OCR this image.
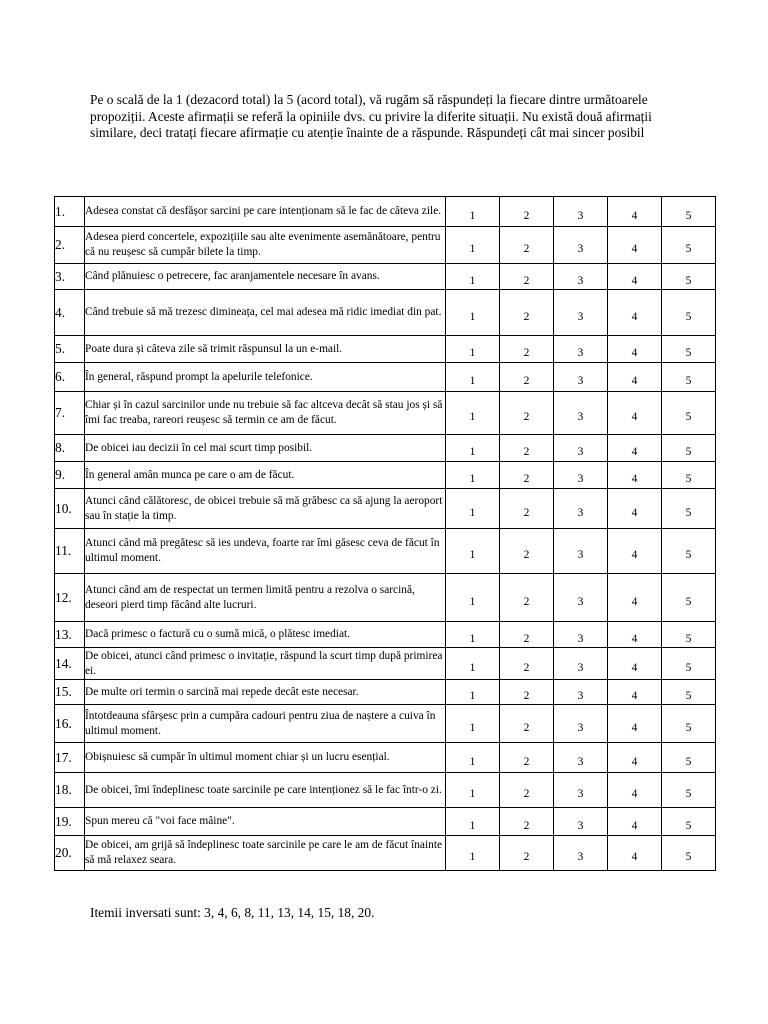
Pe o scală de la 1 (dezacord total) la 5 (acord total), vă rugăm să răspundeți la fiecare dintre următoarele propoziții. Aceste afirmații se referă la opiniile dvs. cu privire la diferite situații. Nu există două afirmații similare, deci tratați fiecare afirmație cu atenție înainte de a răspunde. Răspundeți cât mai sincer posibil

1.	Adesea constat că desfășor sarcini pe care intenționam să le fac de câteva zile.	1	2	3	4	5
2.	Adesea pierd concertele, expozițiile sau alte evenimente asemănătoare, pentru că nu reușesc să cumpăr bilete la timp.	1	2	3	4	5
3.	Când plănuiesc o petrecere, fac aranjamentele necesare în avans.	1	2	3	4	5
4.	Când trebuie să mă trezesc dimineața, cel mai adesea mă ridic imediat din pat.	1	2	3	4	5
5.	Poate dura și câteva zile să trimit răspunsul la un e-mail.	1	2	3	4	5
6.	În general, răspund prompt la apelurile telefonice.	1	2	3	4	5
7.	Chiar și în cazul sarcinilor unde nu trebuie să fac altceva decât să stau jos și să îmi fac treaba, rareori reușesc să termin ce am de făcut.	1	2	3	4	5
8.	De obicei iau decizii în cel mai scurt timp posibil.	1	2	3	4	5
9.	În general amân munca pe care o am de făcut.	1	2	3	4	5
10.	Atunci când călătoresc, de obicei trebuie să mă grăbesc ca să ajung la aeroport sau în stație la timp.	1	2	3	4	5
11.	Atunci când mă pregătesc să ies undeva, foarte rar îmi găsesc ceva de făcut în ultimul moment.	1	2	3	4	5
12.	Atunci când am de respectat un termen limită pentru a rezolva o sarcină, deseori pierd timp făcând alte lucruri.	1	2	3	4	5
13.	Dacă primesc o factură cu o sumă mică, o plătesc imediat.	1	2	3	4	5
14.	De obicei, atunci când primesc o invitație, răspund la scurt timp după primirea ei.	1	2	3	4	5
15.	De multe ori termin o sarcină mai repede decât este necesar.	1	2	3	4	5
16.	Întotdeauna sfârșesc prin a cumpăra cadouri pentru ziua de naștere a cuiva în ultimul moment.	1	2	3	4	5
17.	Obișnuiesc să cumpăr în ultimul moment chiar și un lucru esențial.	1	2	3	4	5
18.	De obicei, îmi îndeplinesc toate sarcinile pe care intenționez să le fac într-o zi.	1	2	3	4	5
19.	Spun mereu că "voi face mâine".	1	2	3	4	5
20.	De obicei, am grijă să îndeplinesc toate sarcinile pe care le am de făcut înainte să mă relaxez seara.	1	2	3	4	5

Itemii inversati sunt: 3, 4, 6, 8, 11, 13, 14, 15, 18, 20.
